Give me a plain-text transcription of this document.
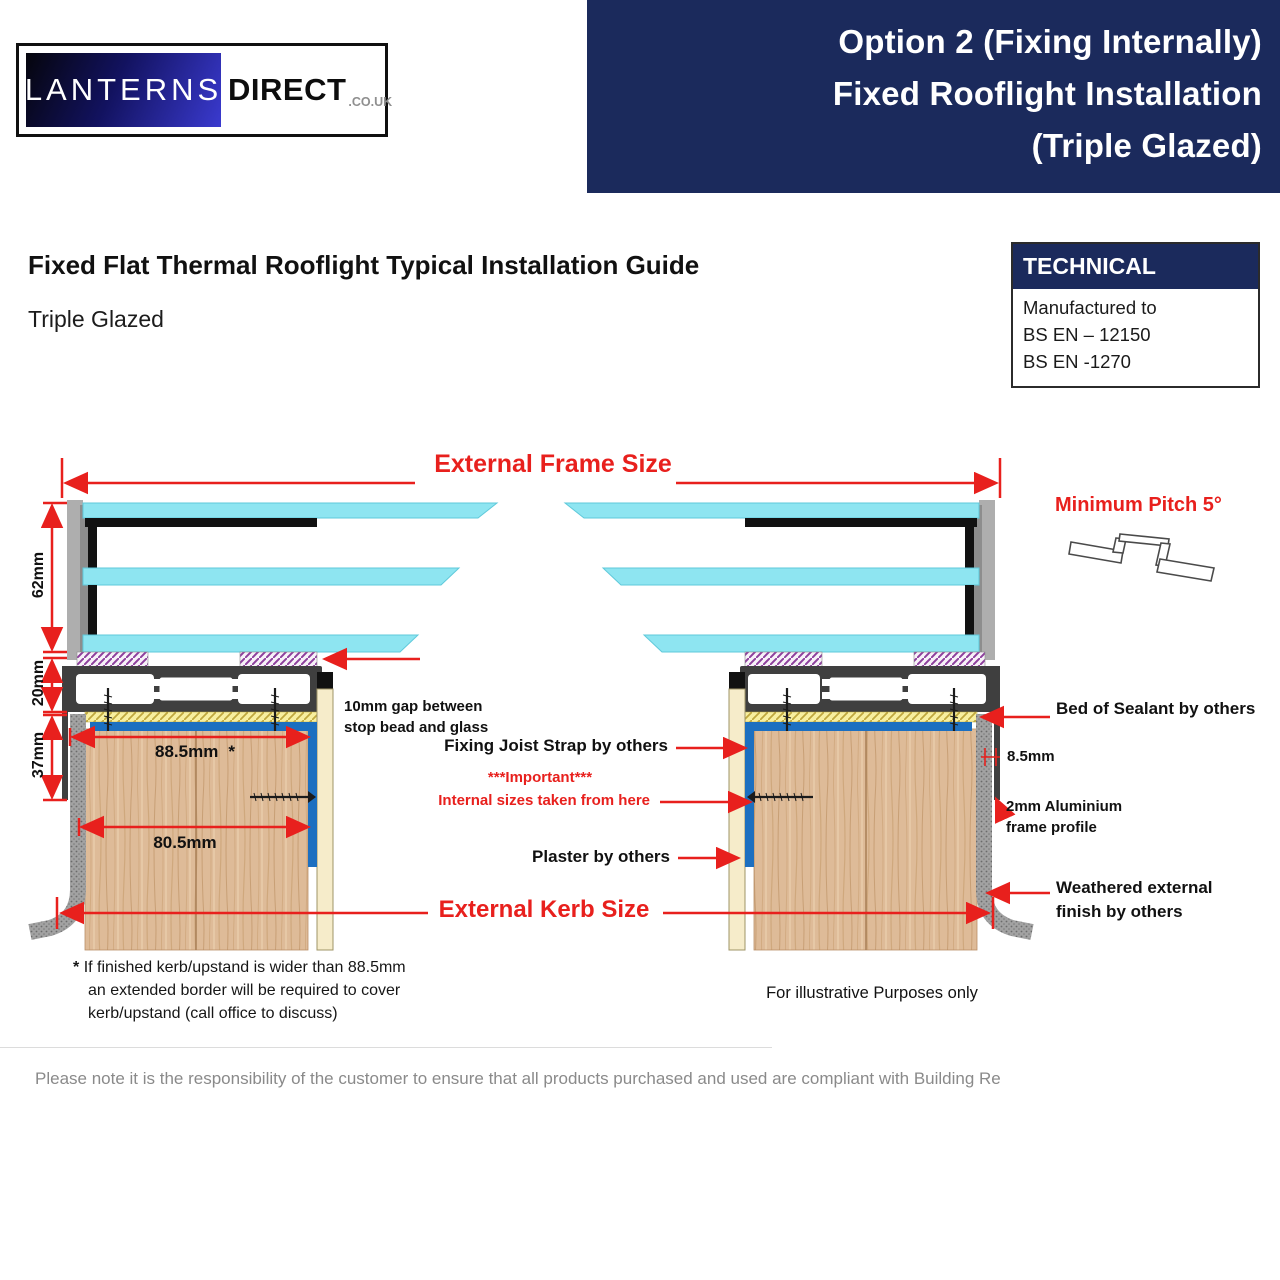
LANTERNS DIRECT .CO.UK
Option 2 (Fixing Internally)
Fixed Rooflight Installation
(Triple Glazed)
Fixed Flat Thermal Rooflight Typical Installation Guide
Triple Glazed
TECHNICAL
Manufactured to
BS EN – 12150
BS EN -1270
External Frame Size
Minimum Pitch 5°
62mm
20mm
37mm
10mm gap between
stop bead and glass
88.5mm *
80.5mm
Fixing Joist Strap by others
***Important***
Internal sizes taken from here
Plaster by others
External Kerb Size
Bed of Sealant by others
8.5mm
2mm Aluminium
frame profile
Weathered external
finish by others
* If finished kerb/upstand is wider than 88.5mm
an extended border will be required to cover
kerb/upstand (call office to discuss)
For illustrative Purposes only
Please note it is the responsibility of the customer to ensure that all products purchased and used are compliant with Building Re
